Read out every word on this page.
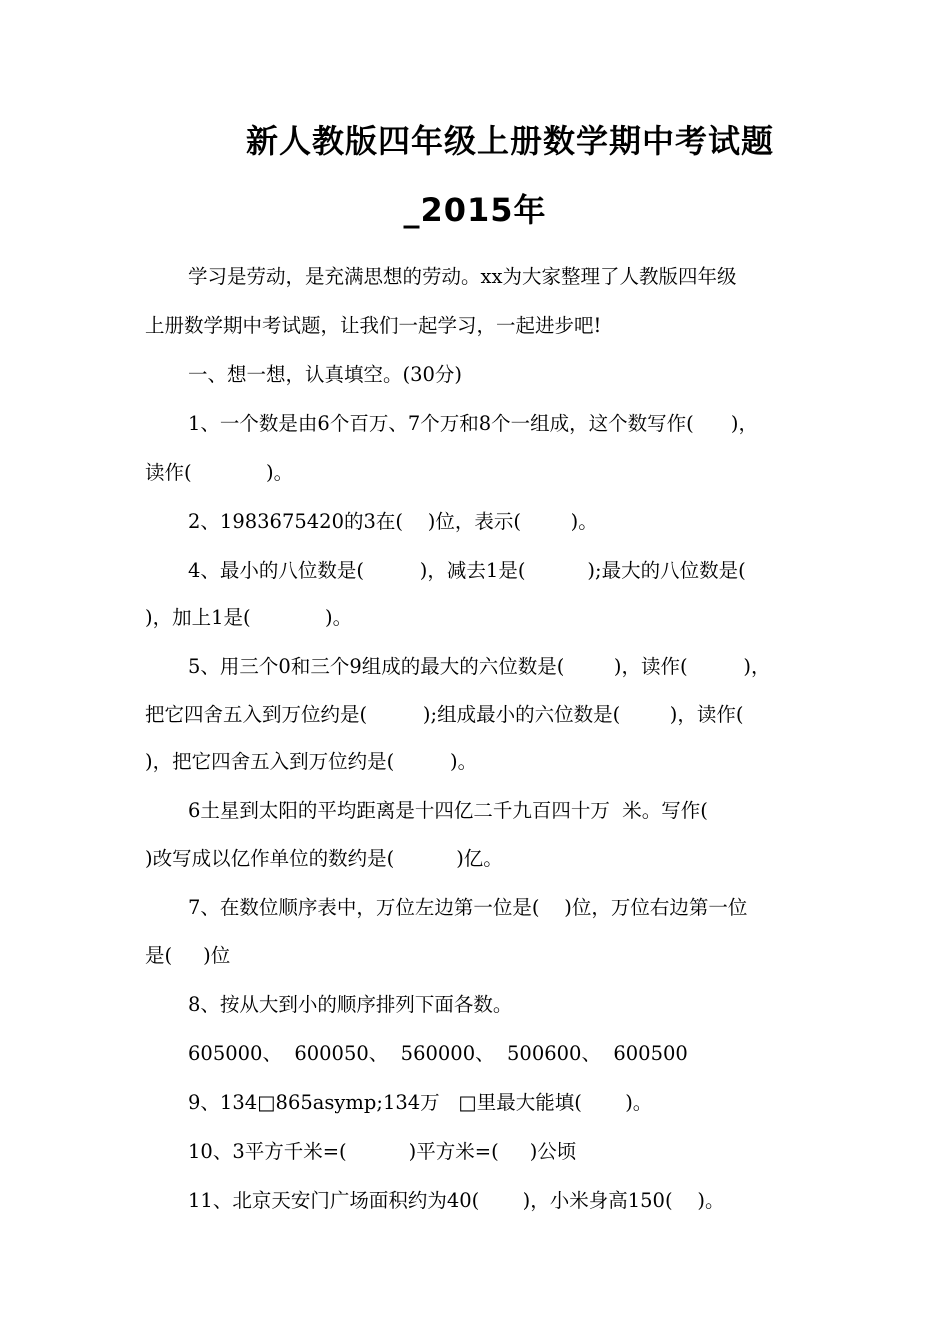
新人教版四年级上册数学期中考试题
_2015年
学习是劳动，是充满思想的劳动。xx为大家整理了人教版四年级
上册数学期中考试题，让我们一起学习，一起进步吧!
一、想一想，认真填空。(30分)
1、一个数是由6个百万、7个万和8个一组成，这个数写作(      )，
读作(            )。
2、1983675420的3在(    )位，表示(        )。
4、最小的八位数是(         )，减去1是(          );最大的八位数是(
)，加上1是(            )。
5、用三个0和三个9组成的最大的六位数是(        )，读作(         )，
把它四舍五入到万位约是(         );组成最小的六位数是(        )，读作(
)，把它四舍五入到万位约是(         )。
6土星到太阳的平均距离是十四亿二千九百四十万  米。写作(
)改写成以亿作单位的数约是(          )亿。
7、在数位顺序表中，万位左边第一位是(    )位，万位右边第一位
是(     )位
8、按从大到小的顺序排列下面各数。
605000、  600050、  560000、  500600、  600500
9、134□865asymp;134万   □里最大能填(       )。
10、3平方千米=(          )平方米=(     )公顷
11、北京天安门广场面积约为40(       )，小米身高150(    )。
